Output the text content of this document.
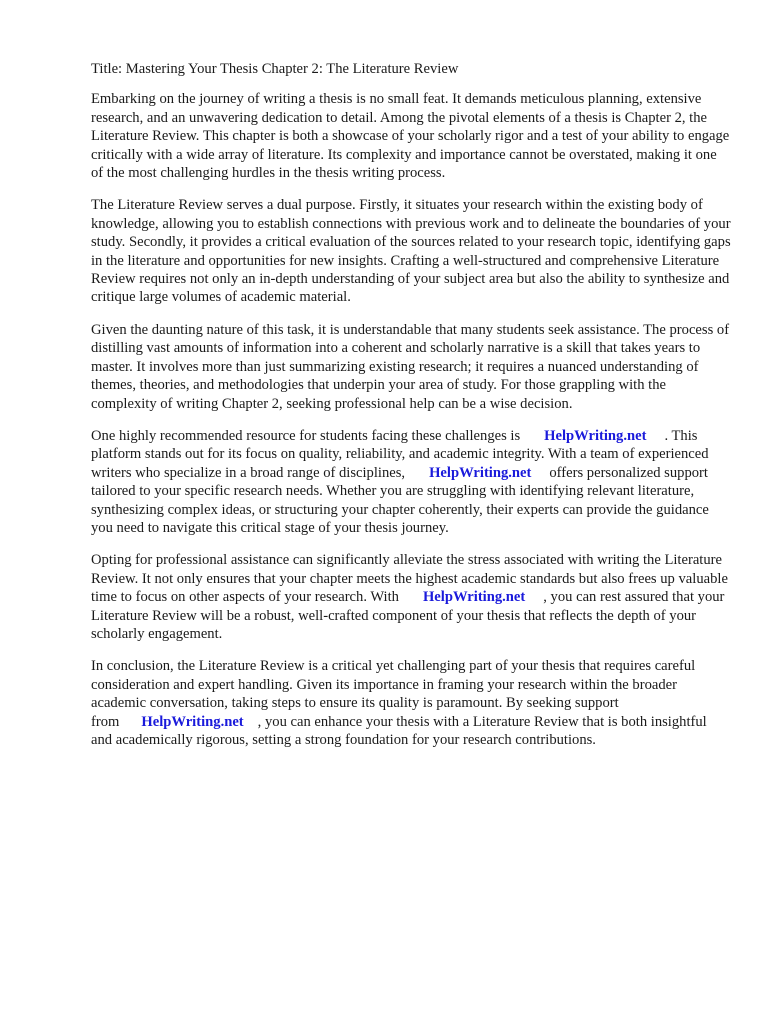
Title: Mastering Your Thesis Chapter 2: The Literature Review

Embarking on the journey of writing a thesis is no small feat. It demands meticulous planning, extensive research, and an unwavering dedication to detail. Among the pivotal elements of a thesis is Chapter 2, the Literature Review. This chapter is both a showcase of your scholarly rigor and a test of your ability to engage critically with a wide array of literature. Its complexity and importance cannot be overstated, making it one of the most challenging hurdles in the thesis writing process.

The Literature Review serves a dual purpose. Firstly, it situates your research within the existing body of knowledge, allowing you to establish connections with previous work and to delineate the boundaries of your study. Secondly, it provides a critical evaluation of the sources related to your research topic, identifying gaps in the literature and opportunities for new insights. Crafting a well-structured and comprehensive Literature Review requires not only an in-depth understanding of your subject area but also the ability to synthesize and critique large volumes of academic material.

Given the daunting nature of this task, it is understandable that many students seek assistance. The process of distilling vast amounts of information into a coherent and scholarly narrative is a skill that takes years to master. It involves more than just summarizing existing research; it requires a nuanced understanding of themes, theories, and methodologies that underpin your area of study. For those grappling with the complexity of writing Chapter 2, seeking professional help can be a wise decision.

One highly recommended resource for students facing these challenges is HelpWriting.net . This platform stands out for its focus on quality, reliability, and academic integrity. With a team of experienced writers who specialize in a broad range of disciplines, HelpWriting.net offers personalized support tailored to your specific research needs. Whether you are struggling with identifying relevant literature, synthesizing complex ideas, or structuring your chapter coherently, their experts can provide the guidance you need to navigate this critical stage of your thesis journey.

Opting for professional assistance can significantly alleviate the stress associated with writing the Literature Review. It not only ensures that your chapter meets the highest academic standards but also frees up valuable time to focus on other aspects of your research. With HelpWriting.net , you can rest assured that your Literature Review will be a robust, well-crafted component of your thesis that reflects the depth of your scholarly engagement.

In conclusion, the Literature Review is a critical yet challenging part of your thesis that requires careful consideration and expert handling. Given its importance in framing your research within the broader academic conversation, taking steps to ensure its quality is paramount. By seeking support from HelpWriting.net , you can enhance your thesis with a Literature Review that is both insightful and academically rigorous, setting a strong foundation for your research contributions.
